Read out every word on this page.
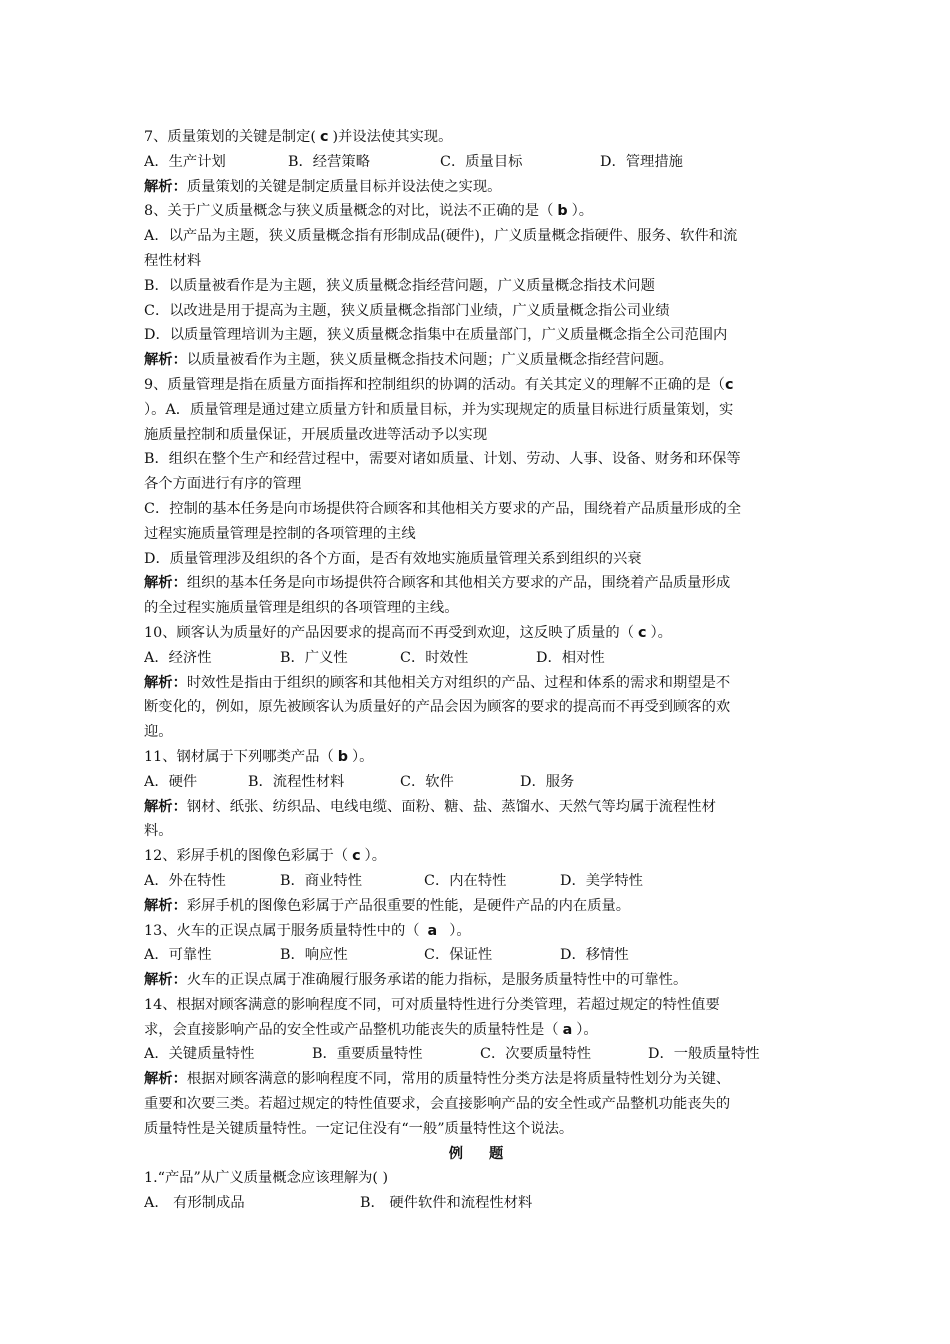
7、质量策划的关键是制定( c )并设法使其实现。
A．生产计划	B．经营策略	C．质量目标	D．管理措施
解析：质量策划的关键是制定质量目标并设法使之实现。
8、关于广义质量概念与狭义质量概念的对比，说法不正确的是（ b ）。
A．以产品为主题，狭义质量概念指有形制成品(硬件)，广义质量概念指硬件、服务、软件和流
程性材料
B．以质量被看作是为主题，狭义质量概念指经营问题，广义质量概念指技术问题
C．以改进是用于提高为主题，狭义质量概念指部门业绩，广义质量概念指公司业绩
D．以质量管理培训为主题，狭义质量概念指集中在质量部门，广义质量概念指全公司范围内
解析：以质量被看作为主题，狭义质量概念指技术问题；广义质量概念指经营问题。
9、质量管理是指在质量方面指挥和控制组织的协调的活动。有关其定义的理解不正确的是（c
）。A．质量管理是通过建立质量方针和质量目标，并为实现规定的质量目标进行质量策划，实
施质量控制和质量保证，开展质量改进等活动予以实现
B．组织在整个生产和经营过程中，需要对诸如质量、计划、劳动、人事、设备、财务和环保等
各个方面进行有序的管理
C．控制的基本任务是向市场提供符合顾客和其他相关方要求的产品，围绕着产品质量形成的全
过程实施质量管理是控制的各项管理的主线
D．质量管理涉及组织的各个方面，是否有效地实施质量管理关系到组织的兴衰
解析：组织的基本任务是向市场提供符合顾客和其他相关方要求的产品，围绕着产品质量形成
的全过程实施质量管理是组织的各项管理的主线。
10、顾客认为质量好的产品因要求的提高而不再受到欢迎，这反映了质量的（ c ）。
A．经济性	B．广义性	C．时效性	D．相对性
解析：时效性是指由于组织的顾客和其他相关方对组织的产品、过程和体系的需求和期望是不
断变化的，例如，原先被顾客认为质量好的产品会因为顾客的要求的提高而不再受到顾客的欢
迎。
11、钢材属于下列哪类产品（ b ）。
A．硬件	B．流程性材料	C．软件	D．服务
解析：钢材、纸张、纺织品、电线电缆、面粉、糖、盐、蒸馏水、天然气等均属于流程性材
料。
12、彩屏手机的图像色彩属于（ c ）。
A．外在特性	B．商业特性	C．内在特性	D．美学特性
解析：彩屏手机的图像色彩属于产品很重要的性能，是硬件产品的内在质量。
13、火车的正误点属于服务质量特性中的（ a ）。
A．可靠性	B．响应性	C．保证性	D．移情性
解析：火车的正误点属于准确履行服务承诺的能力指标，是服务质量特性中的可靠性。
14、根据对顾客满意的影响程度不同，可对质量特性进行分类管理，若超过规定的特性值要
求，会直接影响产品的安全性或产品整机功能丧失的质量特性是（ a ）。
A．关键质量特性	B．重要质量特性	C．次要质量特性	D．一般质量特性
解析：根据对顾客满意的影响程度不同，常用的质量特性分类方法是将质量特性划分为关键、
重要和次要三类。若超过规定的特性值要求，会直接影响产品的安全性或产品整机功能丧失的
质量特性是关键质量特性。一定记住没有“一般”质量特性这个说法。
例题
1.“产品”从广义质量概念应该理解为( )
A． 有形制成品	B． 硬件软件和流程性材料
